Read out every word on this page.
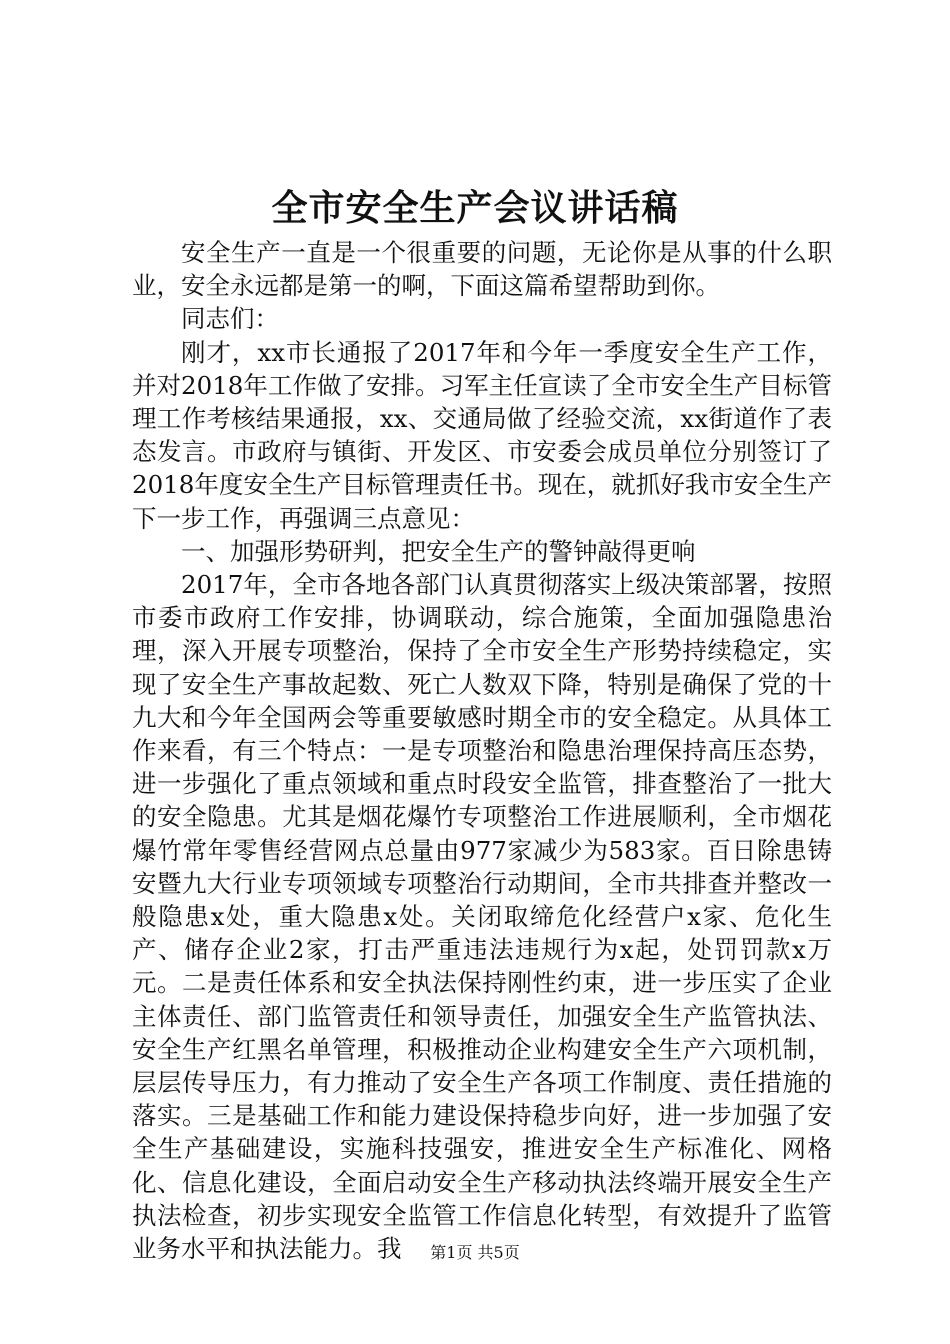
全市安全生产会议讲话稿

安全生产一直是一个很重要的问题，无论你是从事的什么职业，安全永远都是第一的啊，下面这篇希望帮助到你。

同志们：

刚才，xx市长通报了2017年和今年一季度安全生产工作，并对2018年工作做了安排。习军主任宣读了全市安全生产目标管理工作考核结果通报，xx、交通局做了经验交流，xx街道作了表态发言。市政府与镇街、开发区、市安委会成员单位分别签订了2018年度安全生产目标管理责任书。现在，就抓好我市安全生产下一步工作，再强调三点意见：

一、加强形势研判，把安全生产的警钟敲得更响

2017年，全市各地各部门认真贯彻落实上级决策部署，按照市委市政府工作安排，协调联动，综合施策，全面加强隐患治理，深入开展专项整治，保持了全市安全生产形势持续稳定，实现了安全生产事故起数、死亡人数双下降，特别是确保了党的十九大和今年全国两会等重要敏感时期全市的安全稳定。从具体工作来看，有三个特点：一是专项整治和隐患治理保持高压态势，进一步强化了重点领域和重点时段安全监管，排查整治了一批大的安全隐患。尤其是烟花爆竹专项整治工作进展顺利，全市烟花爆竹常年零售经营网点总量由977家减少为583家。百日除患铸安暨九大行业专项领域专项整治行动期间，全市共排查并整改一般隐患x处，重大隐患x处。关闭取缔危化经营户x家、危化生产、储存企业2家，打击严重违法违规行为x起，处罚罚款x万元。二是责任体系和安全执法保持刚性约束，进一步压实了企业主体责任、部门监管责任和领导责任，加强安全生产监管执法、安全生产红黑名单管理，积极推动企业构建安全生产六项机制，层层传导压力，有力推动了安全生产各项工作制度、责任措施的落实。三是基础工作和能力建设保持稳步向好，进一步加强了安全生产基础建设，实施科技强安，推进安全生产标准化、网格化、信息化建设，全面启动安全生产移动执法终端开展安全生产执法检查，初步实现安全监管工作信息化转型，有效提升了监管业务水平和执法能力。我	第1页 共5页
